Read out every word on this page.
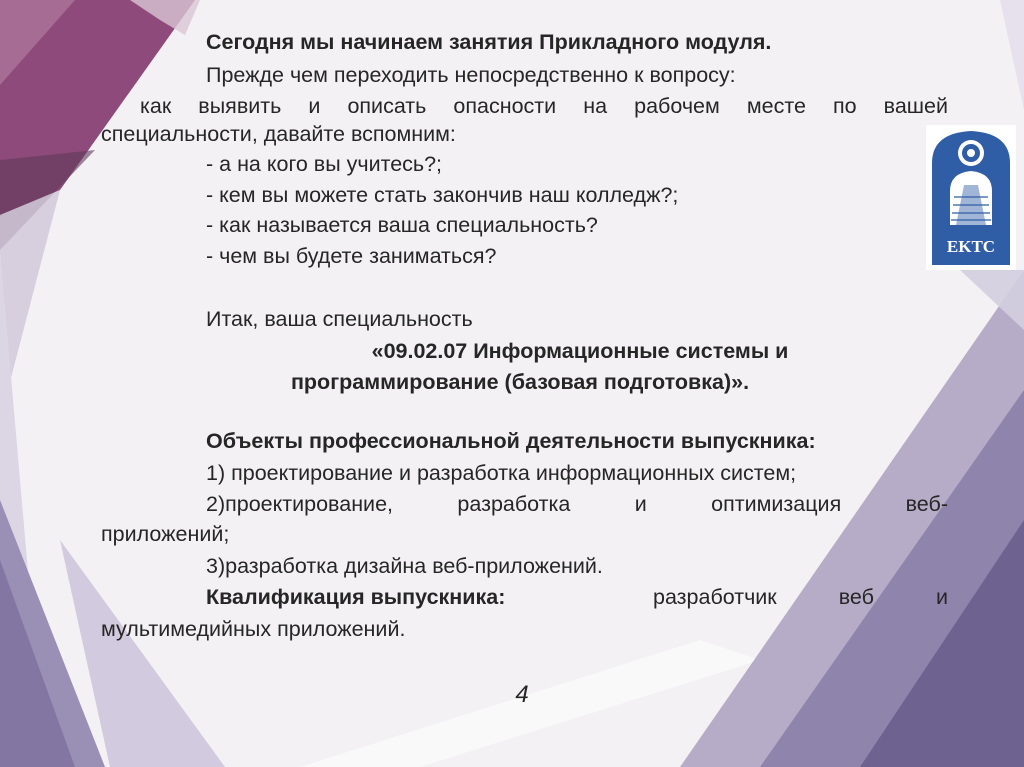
Сегодня мы начинаем занятия Прикладного модуля.

Прежде чем переходить непосредственно к вопросу:

как выявить и описать опасности на рабочем месте по вашей

специальности, давайте вспомним:

- а на кого вы учитесь?;

- кем вы можете стать закончив наш колледж?;

- как называется ваша специальность?

- чем вы будете заниматься?

Итак, ваша специальность

«09.02.07 Информационные системы и

программирование (базовая подготовка)».

Объекты профессиональной деятельности выпускника:

1) проектирование и разработка информационных систем;

2)проектирование, разработка и оптимизация веб-

приложений;

3)разработка дизайна веб-приложений.

Квалификация выпускника:	разработчик	веб	и

мультимедийных приложений.

4
EKTC
